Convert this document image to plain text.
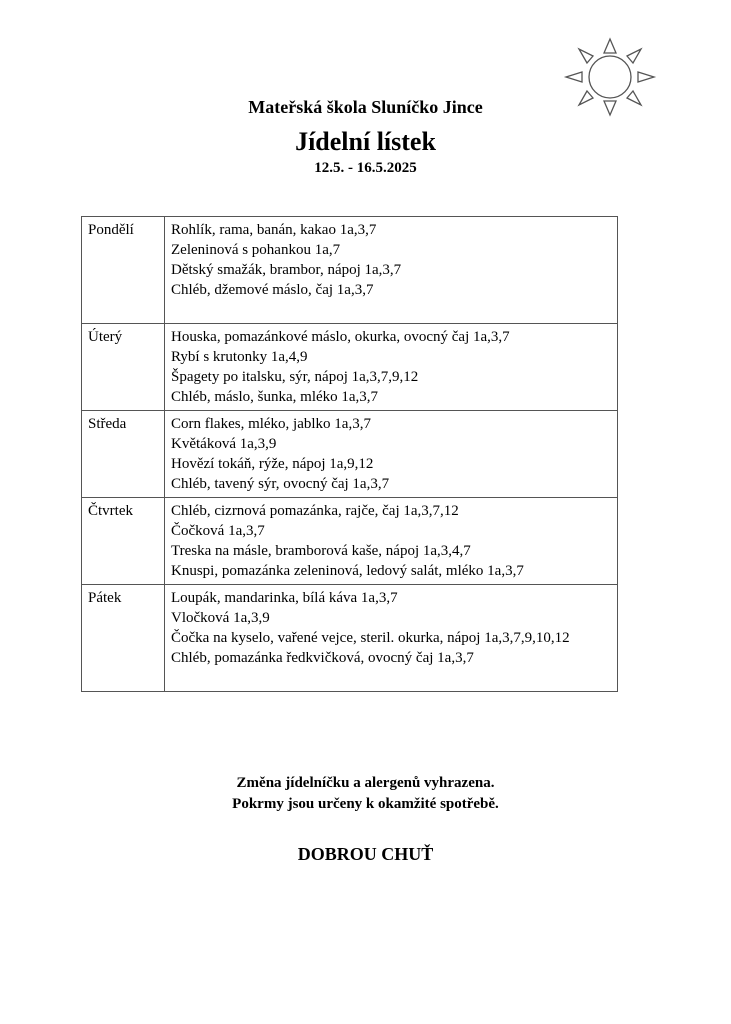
Mateřská škola Sluníčko Jince
Jídelní lístek
12.5. - 16.5.2025
Pondělí	Rohlík, rama, banán, kakao 1a,3,7
Zeleninová s pohankou 1a,7
Dětský smažák, brambor, nápoj 1a,3,7
Chléb, džemové máslo, čaj 1a,3,7

Úterý	Houska, pomazánkové máslo, okurka, ovocný čaj 1a,3,7
Rybí s krutonky 1a,4,9
Špagety po italsku, sýr, nápoj 1a,3,7,9,12
Chléb, máslo, šunka, mléko 1a,3,7

Středa	Corn flakes, mléko, jablko 1a,3,7
Květáková 1a,3,9
Hovězí tokáň, rýže, nápoj 1a,9,12
Chléb, tavený sýr, ovocný čaj 1a,3,7

Čtvrtek	Chléb, cizrnová pomazánka, rajče, čaj 1a,3,7,12
Čočková 1a,3,7
Treska na másle, bramborová kaše, nápoj 1a,3,4,7
Knuspi, pomazánka zeleninová, ledový salát, mléko 1a,3,7

Pátek	Loupák, mandarinka, bílá káva 1a,3,7
Vločková 1a,3,9
Čočka na kyselo, vařené vejce, steril. okurka, nápoj 1a,3,7,9,10,12
Chléb, pomazánka ředkvičková, ovocný čaj 1a,3,7

Změna jídelníčku a alergenů vyhrazena.
Pokrmy jsou určeny k okamžité spotřebě.
DOBROU CHUŤ
